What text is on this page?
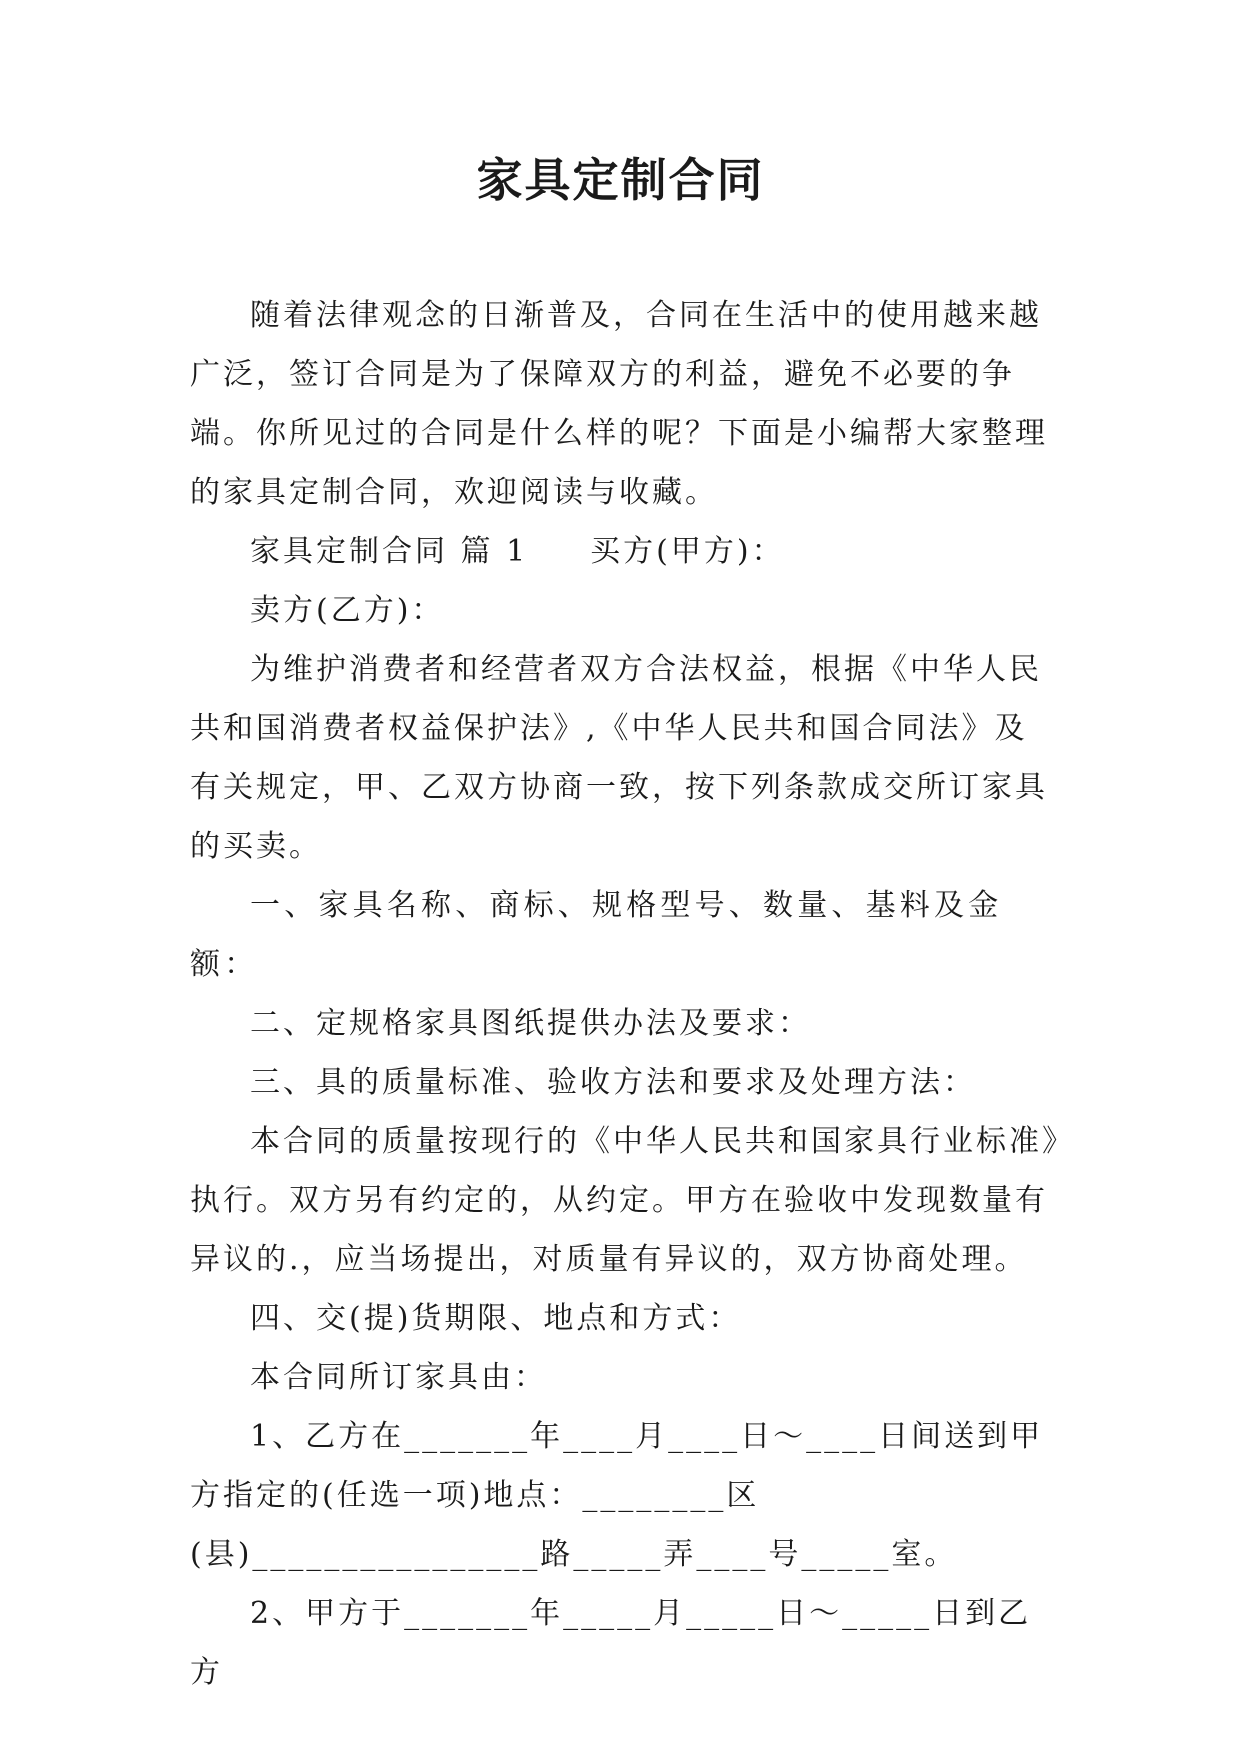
家具定制合同

随着法律观念的日渐普及，合同在生活中的使用越来越广泛，签订合同是为了保障双方的利益，避免不必要的争端。你所见过的合同是什么样的呢？下面是小编帮大家整理的家具定制合同，欢迎阅读与收藏。

家具定制合同 篇 1 买方(甲方)：

卖方(乙方)：

为维护消费者和经营者双方合法权益，根据《中华人民共和国消费者权益保护法》,《中华人民共和国合同法》及有关规定，甲、乙双方协商一致，按下列条款成交所订家具的买卖。

一、家具名称、商标、规格型号、数量、基料及金额：

二、定规格家具图纸提供办法及要求：

三、具的质量标准、验收方法和要求及处理方法：

本合同的质量按现行的《中华人民共和国家具行业标准》执行。双方另有约定的，从约定。甲方在验收中发现数量有异议的.，应当场提出，对质量有异议的，双方协商处理。

四、交(提)货期限、地点和方式：

本合同所订家具由：

1、乙方在_______年____月____日～____日间送到甲方指定的(任选一项)地点：________区(县)________________路_____弄____号_____室。

2、甲方于_______年_____月_____日～_____日到乙方
